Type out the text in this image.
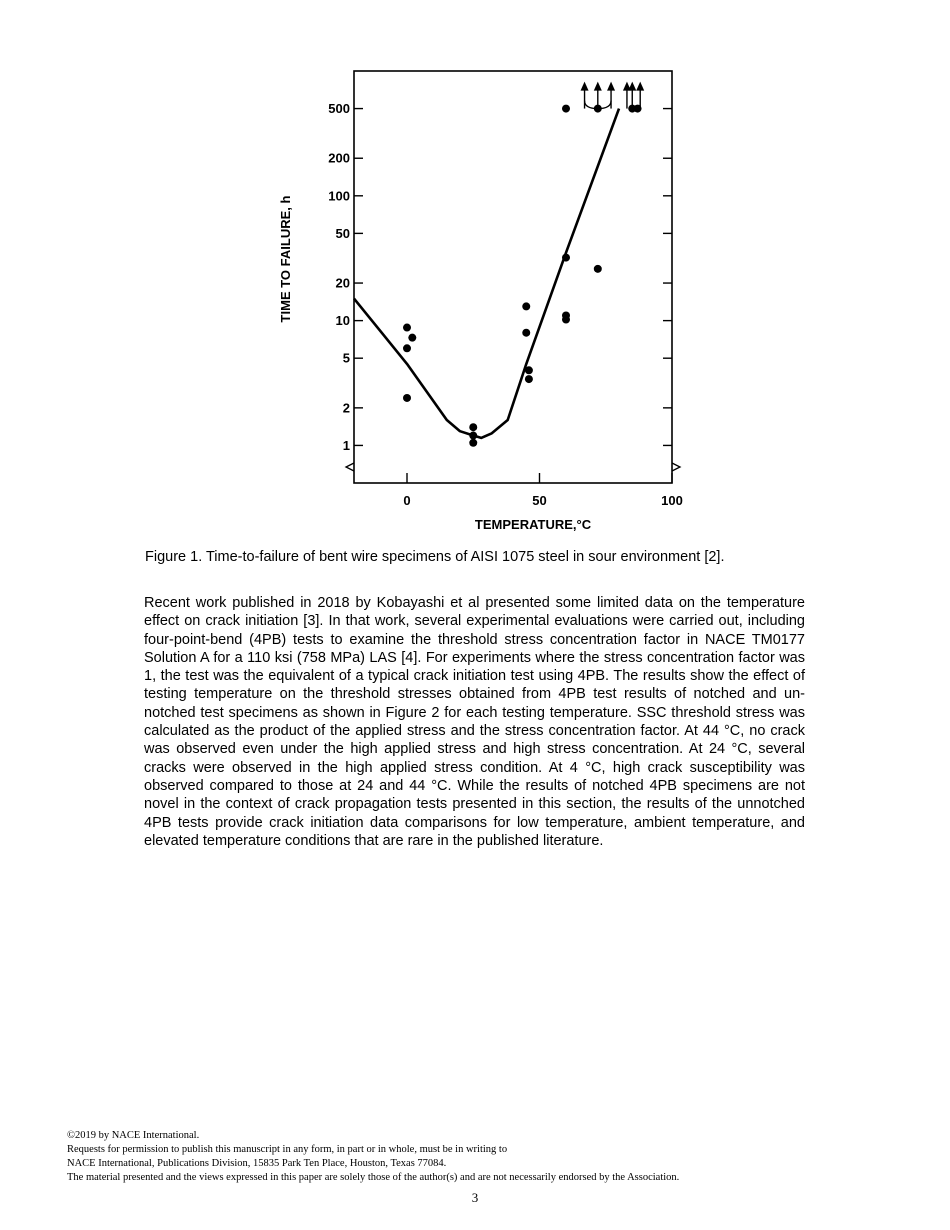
1
2
5
10
20
50
100
200
500
0	50	100
TEMPERATURE,°C
TIME TO FAILURE, h
Figure 1. Time-to-failure of bent wire specimens of AISI 1075 steel in sour environment [2].

Recent work published in 2018 by Kobayashi et al presented some limited data on the temperature effect on crack initiation [3]. In that work, several experimental evaluations were carried out, including four-point-bend (4PB) tests to examine the threshold stress concentration factor in NACE TM0177 Solution A for a 110 ksi (758 MPa) LAS [4]. For experiments where the stress concentration factor was 1, the test was the equivalent of a typical crack initiation test using 4PB. The results show the effect of testing temperature on the threshold stresses obtained from 4PB test results of notched and un-notched test specimens as shown in Figure 2 for each testing temperature. SSC threshold stress was calculated as the product of the applied stress and the stress concentration factor. At 44 °C, no crack was observed even under the high applied stress and high stress concentration. At 24 °C, several cracks were observed in the high applied stress condition. At 4 °C, high crack susceptibility was observed compared to those at 24 and 44 °C. While the results of notched 4PB specimens are not novel in the context of crack propagation tests presented in this section, the results of the unnotched 4PB tests provide crack initiation data comparisons for low temperature, ambient temperature, and elevated temperature conditions that are rare in the published literature.

©2019 by NACE International.
Requests for permission to publish this manuscript in any form, in part or in whole, must be in writing to
NACE International, Publications Division, 15835 Park Ten Place, Houston, Texas 77084.
The material presented and the views expressed in this paper are solely those of the author(s) and are not necessarily endorsed by the Association.
3
